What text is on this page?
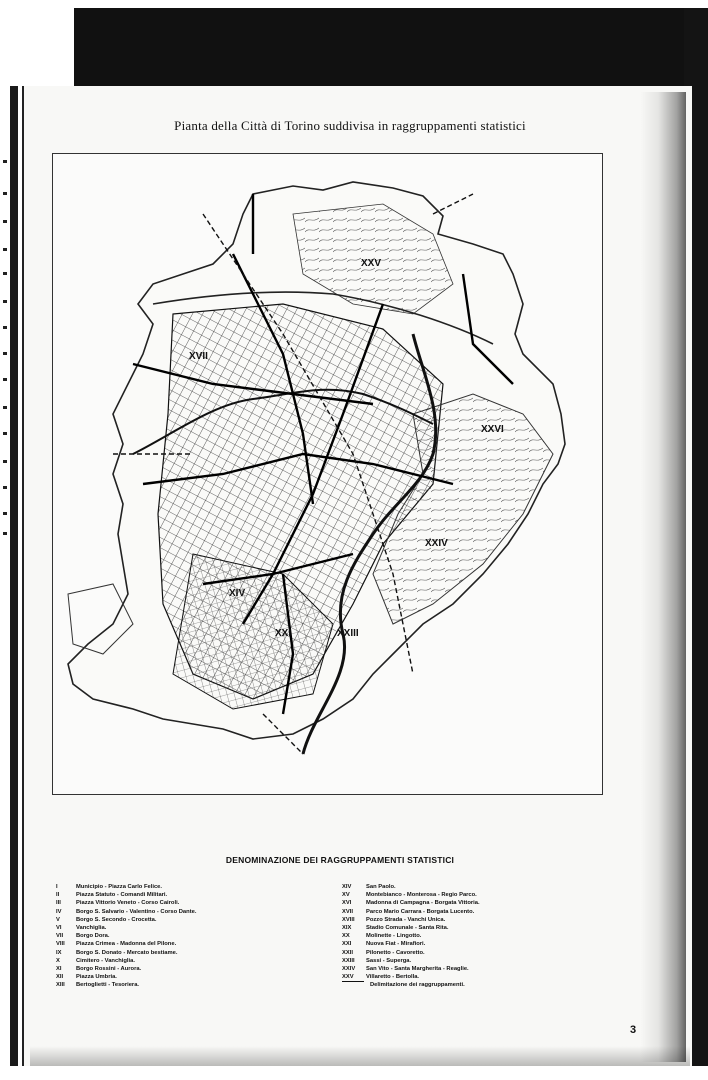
Pianta della Città di Torino suddivisa in raggruppamenti statistici
XXV
XVII
XXVI
XXIV
XXIII
XIV
XXI
DENOMINAZIONE DEI RAGGRUPPAMENTI STATISTICI
I	Municipio - Piazza Carlo Felice.
II	Piazza Statuto - Comandi Militari.
III	Piazza Vittorio Veneto - Corso Cairoli.
IV	Borgo S. Salvario - Valentino - Corso Dante.
V	Borgo S. Secondo - Crocetta.
VI	Vanchiglia.
VII	Borgo Dora.
VIII	Piazza Crimea - Madonna del Pilone.
IX	Borgo S. Donato - Mercato bestiame.
X	Cimitero - Vanchiglia.
XI	Borgo Rossini - Aurora.
XII	Piazza Umbria.
XIII	Bertoglietti - Tesoriera.
XIV	San Paolo.
XV	Montebianco - Monterosa - Regio Parco.
XVI	Madonna di Campagna - Borgata Vittoria.
XVII	Parco Mario Carrara - Borgata Lucento.
XVIII	Pozzo Strada - Vanchi Unica.
XIX	Stadio Comunale - Santa Rita.
XX	Molinette - Lingotto.
XXI	Nuova Fiat - Mirafiori.
XXII	Pilonetto - Cavoretto.
XXIII	Sassi - Superga.
XXIV	San Vito - Santa Margherita - Reaglie.
XXV	Villaretto - Bertolla.
Delimitazione dei raggruppamenti.
3
